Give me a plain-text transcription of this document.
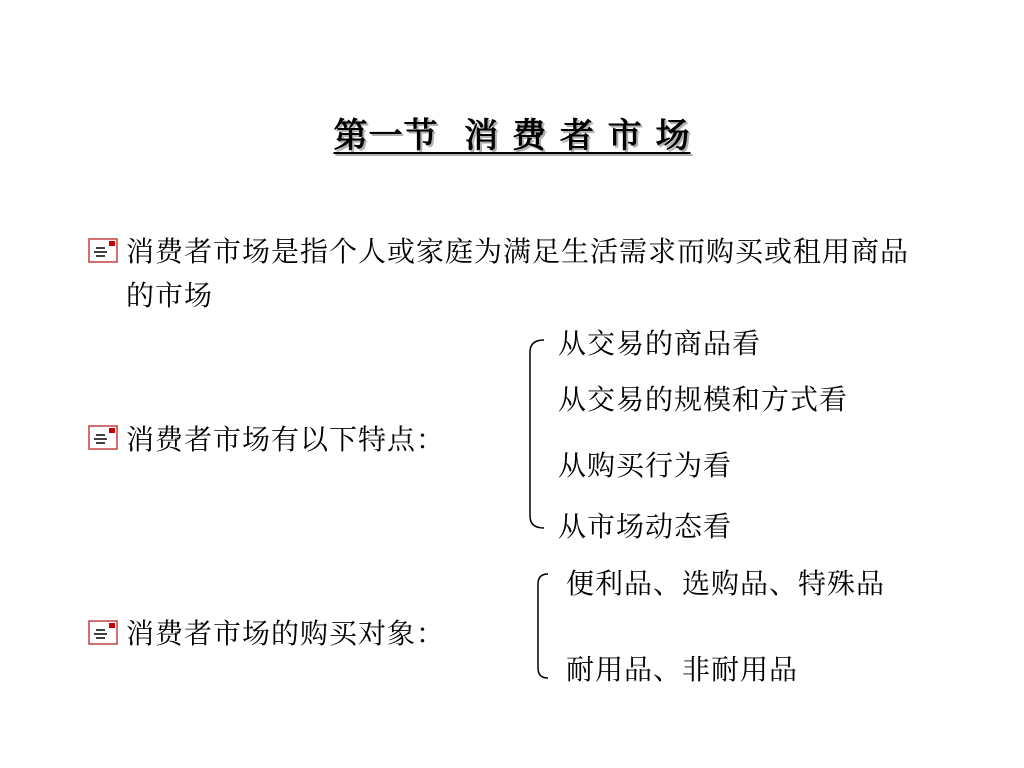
第一节  消 费 者 市 场
消费者市场是指个人或家庭为满足生活需求而购买或租用商品的市场
消费者市场有以下特点：
从交易的商品看
从交易的规模和方式看
从购买行为看
从市场动态看
消费者市场的购买对象：
便利品、选购品、特殊品
耐用品、非耐用品
